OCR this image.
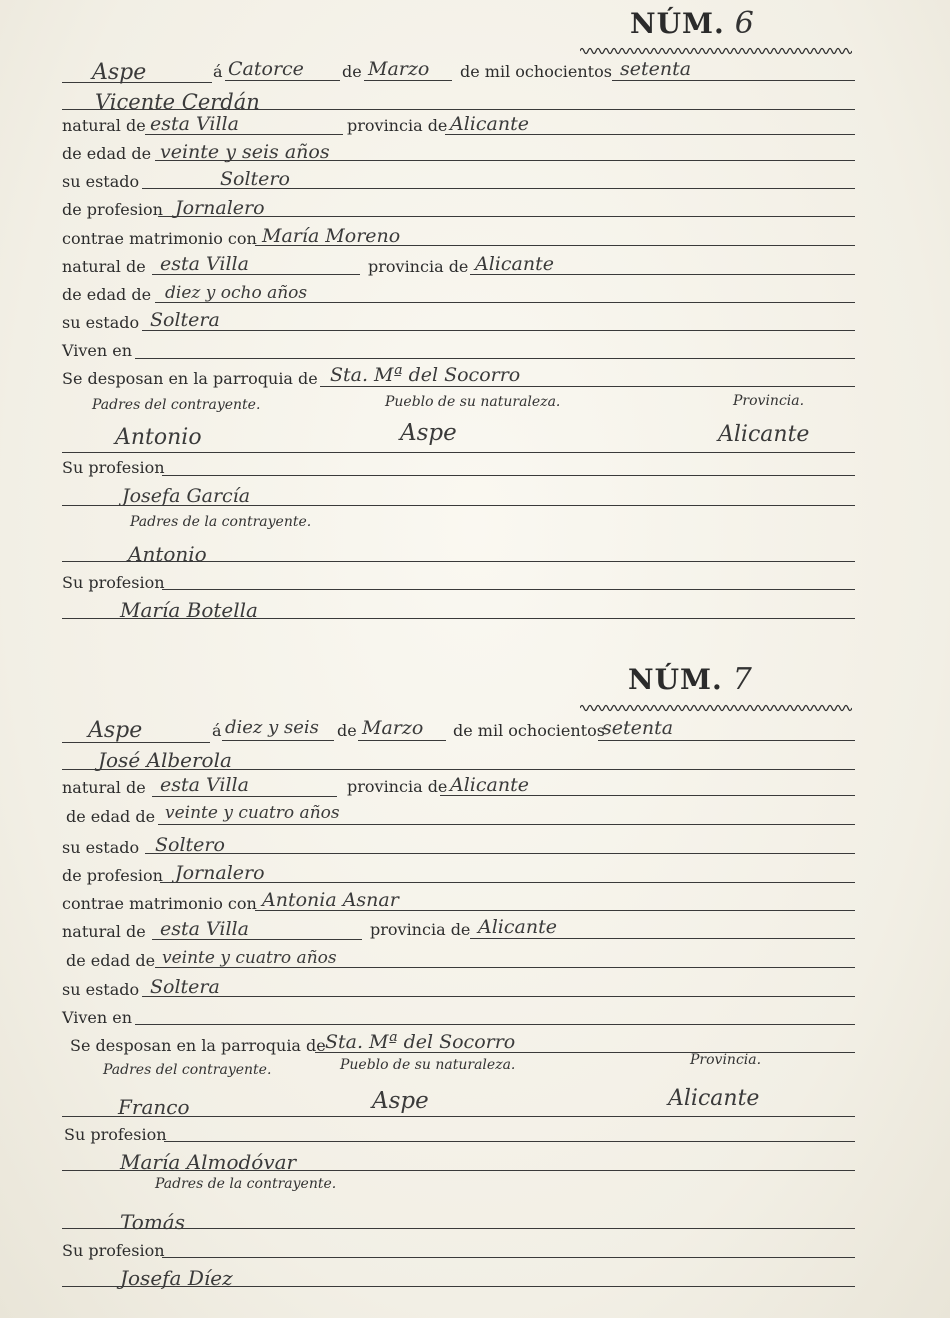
NÚM. 6
Aspe	á Catorce de Marzo de mil ochocientos setenta
Vicente Cerdán
natural de esta Villa	provincia de Alicante
de edad de veinte y seis años
su estado	Soltero
de profesion Jornalero
contrae matrimonio con María Moreno
natural de esta Villa	provincia de Alicante
de edad de diez y ocho años
su estado Soltera
Viven en
Se desposan en la parroquia de Sta. Mª del Socorro
Padres del contrayente.	Pueblo de su naturaleza.	Provincia.
Antonio	Aspe	Alicante
Su profesion
Josefa García
Padres de la contrayente.
Antonio
Su profesion
María Botella
NÚM. 7
Aspe	á diez y seis de Marzo de mil ochocientos
setenta
José Alberola
natural de esta Villa	provincia de Alicante
de edad de veinte y cuatro años
su estado Soltero
de profesion Jornalero
contrae matrimonio con Antonia Asnar
natural de esta Villa	provincia de Alicante
de edad de veinte y cuatro años
su estado Soltera
Viven en
Se desposan en la parroquia de Sta. Mª del Socorro
Padres del contrayente.	Pueblo de su naturaleza.	Provincia.
Franco	Aspe	Alicante
Su profesion
María Almodóvar
Padres de la contrayente.
Tomás
Su profesion
Josefa Díez
